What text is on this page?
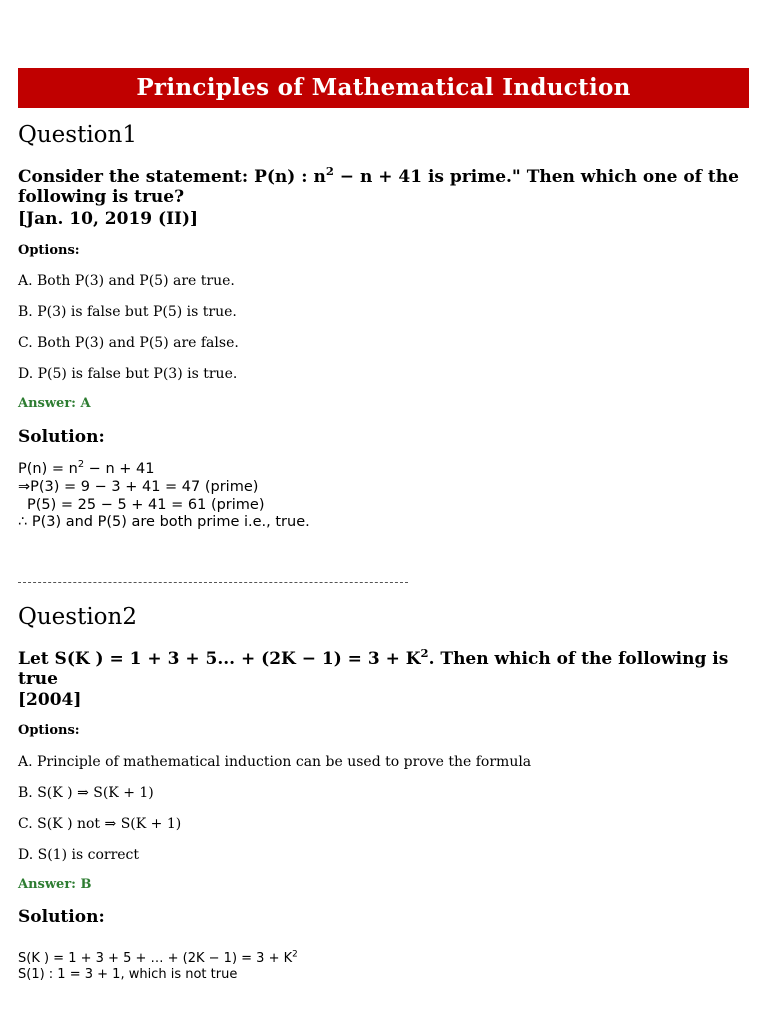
Principles of Mathematical Induction
Question1
Consider the statement: P(n) : $n^2 - n + 41$ is prime." Then which one of the following is true?
[Jan. 10, 2019 (II)]
Options:
A. Both P(3) and P(5) are true.
B. P(3) is false but P(5) is true.
C. Both P(3) and P(5) are false.
D. P(5) is false but P(3) is true.
Answer: A
Solution:
$P(n) = n^2 - n + 41$
⇒P(3) = 9 − 3 + 41 = 47 (prime)
P(5) = 25 − 5 + 41 = 61 (prime)
∴ P(3) and P(5) are both prime i.e., true.
Question2
Let S(K ) = 1 + 3 + 5... + $(2K - 1) = 3 + K^2$. Then which of the following is true
[2004]
Options:
A. Principle of mathematical induction can be used to prove the formula
B. S(K ) ⇒ S(K + 1)
C. S(K ) not ⇒ S(K + 1)
D. S(1) is correct
Answer: B
Solution:
S(K ) = 1 + 3 + 5 + … + $(2K - 1) = 3 + K^2$
S(1) : 1 = 3 + 1, which is not true
